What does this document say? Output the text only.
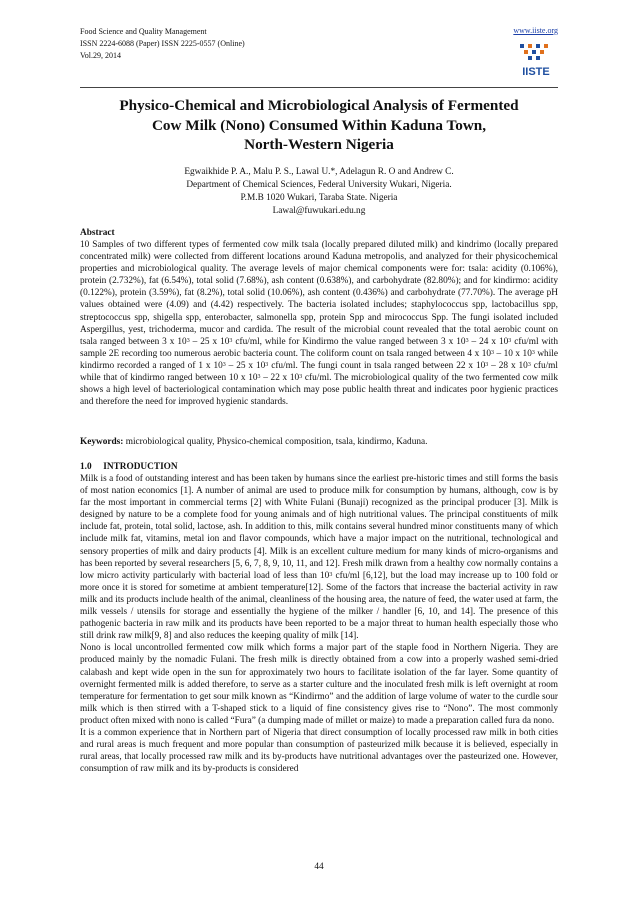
Food Science and Quality Management
ISSN 2224-6088 (Paper) ISSN 2225-0557 (Online)
Vol.29, 2014
www.iiste.org
IISTE
Physico-Chemical and Microbiological Analysis of Fermented
Cow Milk (Nono) Consumed Within Kaduna Town,
North-Western Nigeria
Egwaikhide P. A., Malu P. S., Lawal U.*, Adelagun R. O and Andrew C.
Department of Chemical Sciences, Federal University Wukari, Nigeria.
P.M.B 1020 Wukari, Taraba State. Nigeria
Lawal@fuwukari.edu.ng
Abstract

10 Samples of two different types of fermented cow milk tsala (locally prepared diluted milk) and kindrimo (locally prepared concentrated milk) were collected from different locations around Kaduna metropolis, and analyzed for their physicochemical properties and microbiological quality. The average levels of major chemical components were for: tsala: acidity (0.106%), protein (2.732%), fat (6.54%), total solid (7.68%), ash content (0.638%), and carbohydrate (82.80%); and for kindirmo: acidity (0.122%), protein (3.59%), fat (8.2%), total solid (10.06%), ash content (0.436%) and carbohydrate (77.70%). The average pH values obtained were (4.09) and (4.42) respectively. The bacteria isolated includes; staphylococcus spp, lactobacillus spp, streptococcus spp, shigella spp, enterobacter, salmonella spp, protein Spp and mirococcus Spp. The fungi isolated included Aspergillus, yest, trichoderma, mucor and cardida. The result of the microbial count revealed that the total aerobic count on tsala ranged between 3 x $10^3 - 25$ x $10^3$ cfu/ml, while for Kindirmo the value ranged between 3 x $10^3 - 24$ x $10^3$ cfu/ml with sample 2E recording too numerous aerobic bacteria count. The coliform count on tsala ranged between 4 x $10^3 - 10$ x $10^3$ while kindirmo recorded a ranged of 1 x $10^3 - 25$ x $10^3$ cfu/ml. The fungi count in tsala ranged between 22 x $10^3 - 28$ x $10^3$ cfu/ml while that of kindirmo ranged between 10 x $10^3 - 22$ x $10^3$ cfu/ml. The microbiological quality of the two fermented cow milk shows a high level of bacteriological contamination which may pose public health threat and indicates poor hygienic practices and therefore the need for improved hygienic standards.

Keywords: microbiological quality, Physico-chemical composition, tsala, kindirmo, Kaduna.
1.0     INTRODUCTION

Milk is a food of outstanding interest and has been taken by humans since the earliest pre-historic times and still forms the basis of most nation economics [1]. A number of animal are used to produce milk for consumption by humans, although, cow is by far the most important in commercial terms [2] with White Fulani (Bunaji) recognized as the principal producer [3]. Milk is designed by nature to be a complete food for young animals and of high nutritional values. The principal constituents of milk include fat, protein, total solid, lactose, ash. In addition to this, milk contains several hundred minor constituents many of which include milk fat, vitamins, metal ion and flavor compounds, which have a major impact on the nutritional, technological and sensory properties of milk and dairy products [4]. Milk is an excellent culture medium for many kinds of micro-organisms and has been reported by several researchers [5, 6, 7, 8, 9, 10, 11, and 12]. Fresh milk drawn from a healthy cow normally contains a low micro activity particularly with bacterial load of less than $10^3$ cfu/ml [6,12], but the load may increase up to 100 fold or more once it is stored for sometime at ambient temperature[12]. Some of the factors that increase the bacterial activity in raw milk and its products include health of the animal, cleanliness of the housing area, the nature of feed, the water used at farm, the milk vessels / utensils for storage and essentially the hygiene of the milker / handler [6, 10, and 14]. The presence of this pathogenic bacteria in raw milk and its products have been reported to be a major threat to human health especially those who still drink raw milk[9, 8] and also reduces the keeping quality of milk [14].

Nono is local uncontrolled fermented cow milk which forms a major part of the staple food in Northern Nigeria. They are produced mainly by the nomadic Fulani. The fresh milk is directly obtained from a cow into a properly washed semi-dried calabash and kept wide open in the sun for approximately two hours to facilitate isolation of the far layer. Some quantity of overnight fermented milk is added therefore, to serve as a starter culture and the inoculated fresh milk is left overnight at room temperature for fermentation to get sour milk known as “Kindirmo” and the addition of large volume of water to the curdle sour milk which is then stirred with a T-shaped stick to a liquid of fine consistency gives rise to “Nono”. The most commonly product often mixed with nono is called “Fura” (a dumping made of millet or maize) to made a preparation called fura da nono.

It is a common experience that in Northern part of Nigeria that direct consumption of locally processed raw milk in both cities and rural areas is much frequent and more popular than consumption of pasteurized milk because it is believed, especially in rural areas, that locally processed raw milk and its by-products have nutritional advantages over the pasteurized one. However, consumption of raw milk and its by-products is considered

44
